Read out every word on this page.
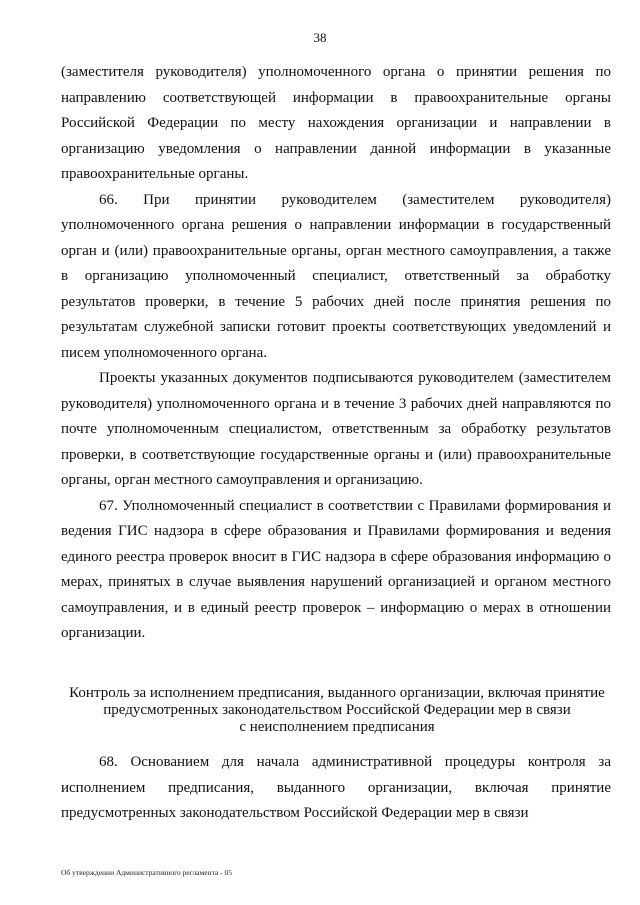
38

(заместителя руководителя) уполномоченного органа о принятии решения по направлению соответствующей информации в правоохранительные органы Российской Федерации по месту нахождения организации и направлении в организацию уведомления о направлении данной информации в указанные правоохранительные органы.

66. При принятии руководителем (заместителем руководителя) уполномоченного органа решения о направлении информации в государственный орган и (или) правоохранительные органы, орган местного самоуправления, а также в организацию уполномоченный специалист, ответственный за обработку результатов проверки, в течение 5 рабочих дней после принятия решения по результатам служебной записки готовит проекты соответствующих уведомлений и писем уполномоченного органа.

Проекты указанных документов подписываются руководителем (заместителем руководителя) уполномоченного органа и в течение 3 рабочих дней направляются по почте уполномоченным специалистом, ответственным за обработку результатов проверки, в соответствующие государственные органы и (или) правоохранительные органы, орган местного самоуправления и организацию.

67. Уполномоченный специалист в соответствии с Правилами формирования и ведения ГИС надзора в сфере образования и Правилами формирования и ведения единого реестра проверок вносит в ГИС надзора в сфере образования информацию о мерах, принятых в случае выявления нарушений организацией и органом местного самоуправления, и в единый реестр проверок – информацию о мерах в отношении организации.

Контроль за исполнением предписания, выданного организации, включая принятие
предусмотренных законодательством Российской Федерации мер в связи
с неисполнением предписания

68. Основанием для начала административной процедуры контроля за исполнением предписания, выданного организации, включая принятие предусмотренных законодательством Российской Федерации мер в связи

Об утверждении Административного регламента - 05
